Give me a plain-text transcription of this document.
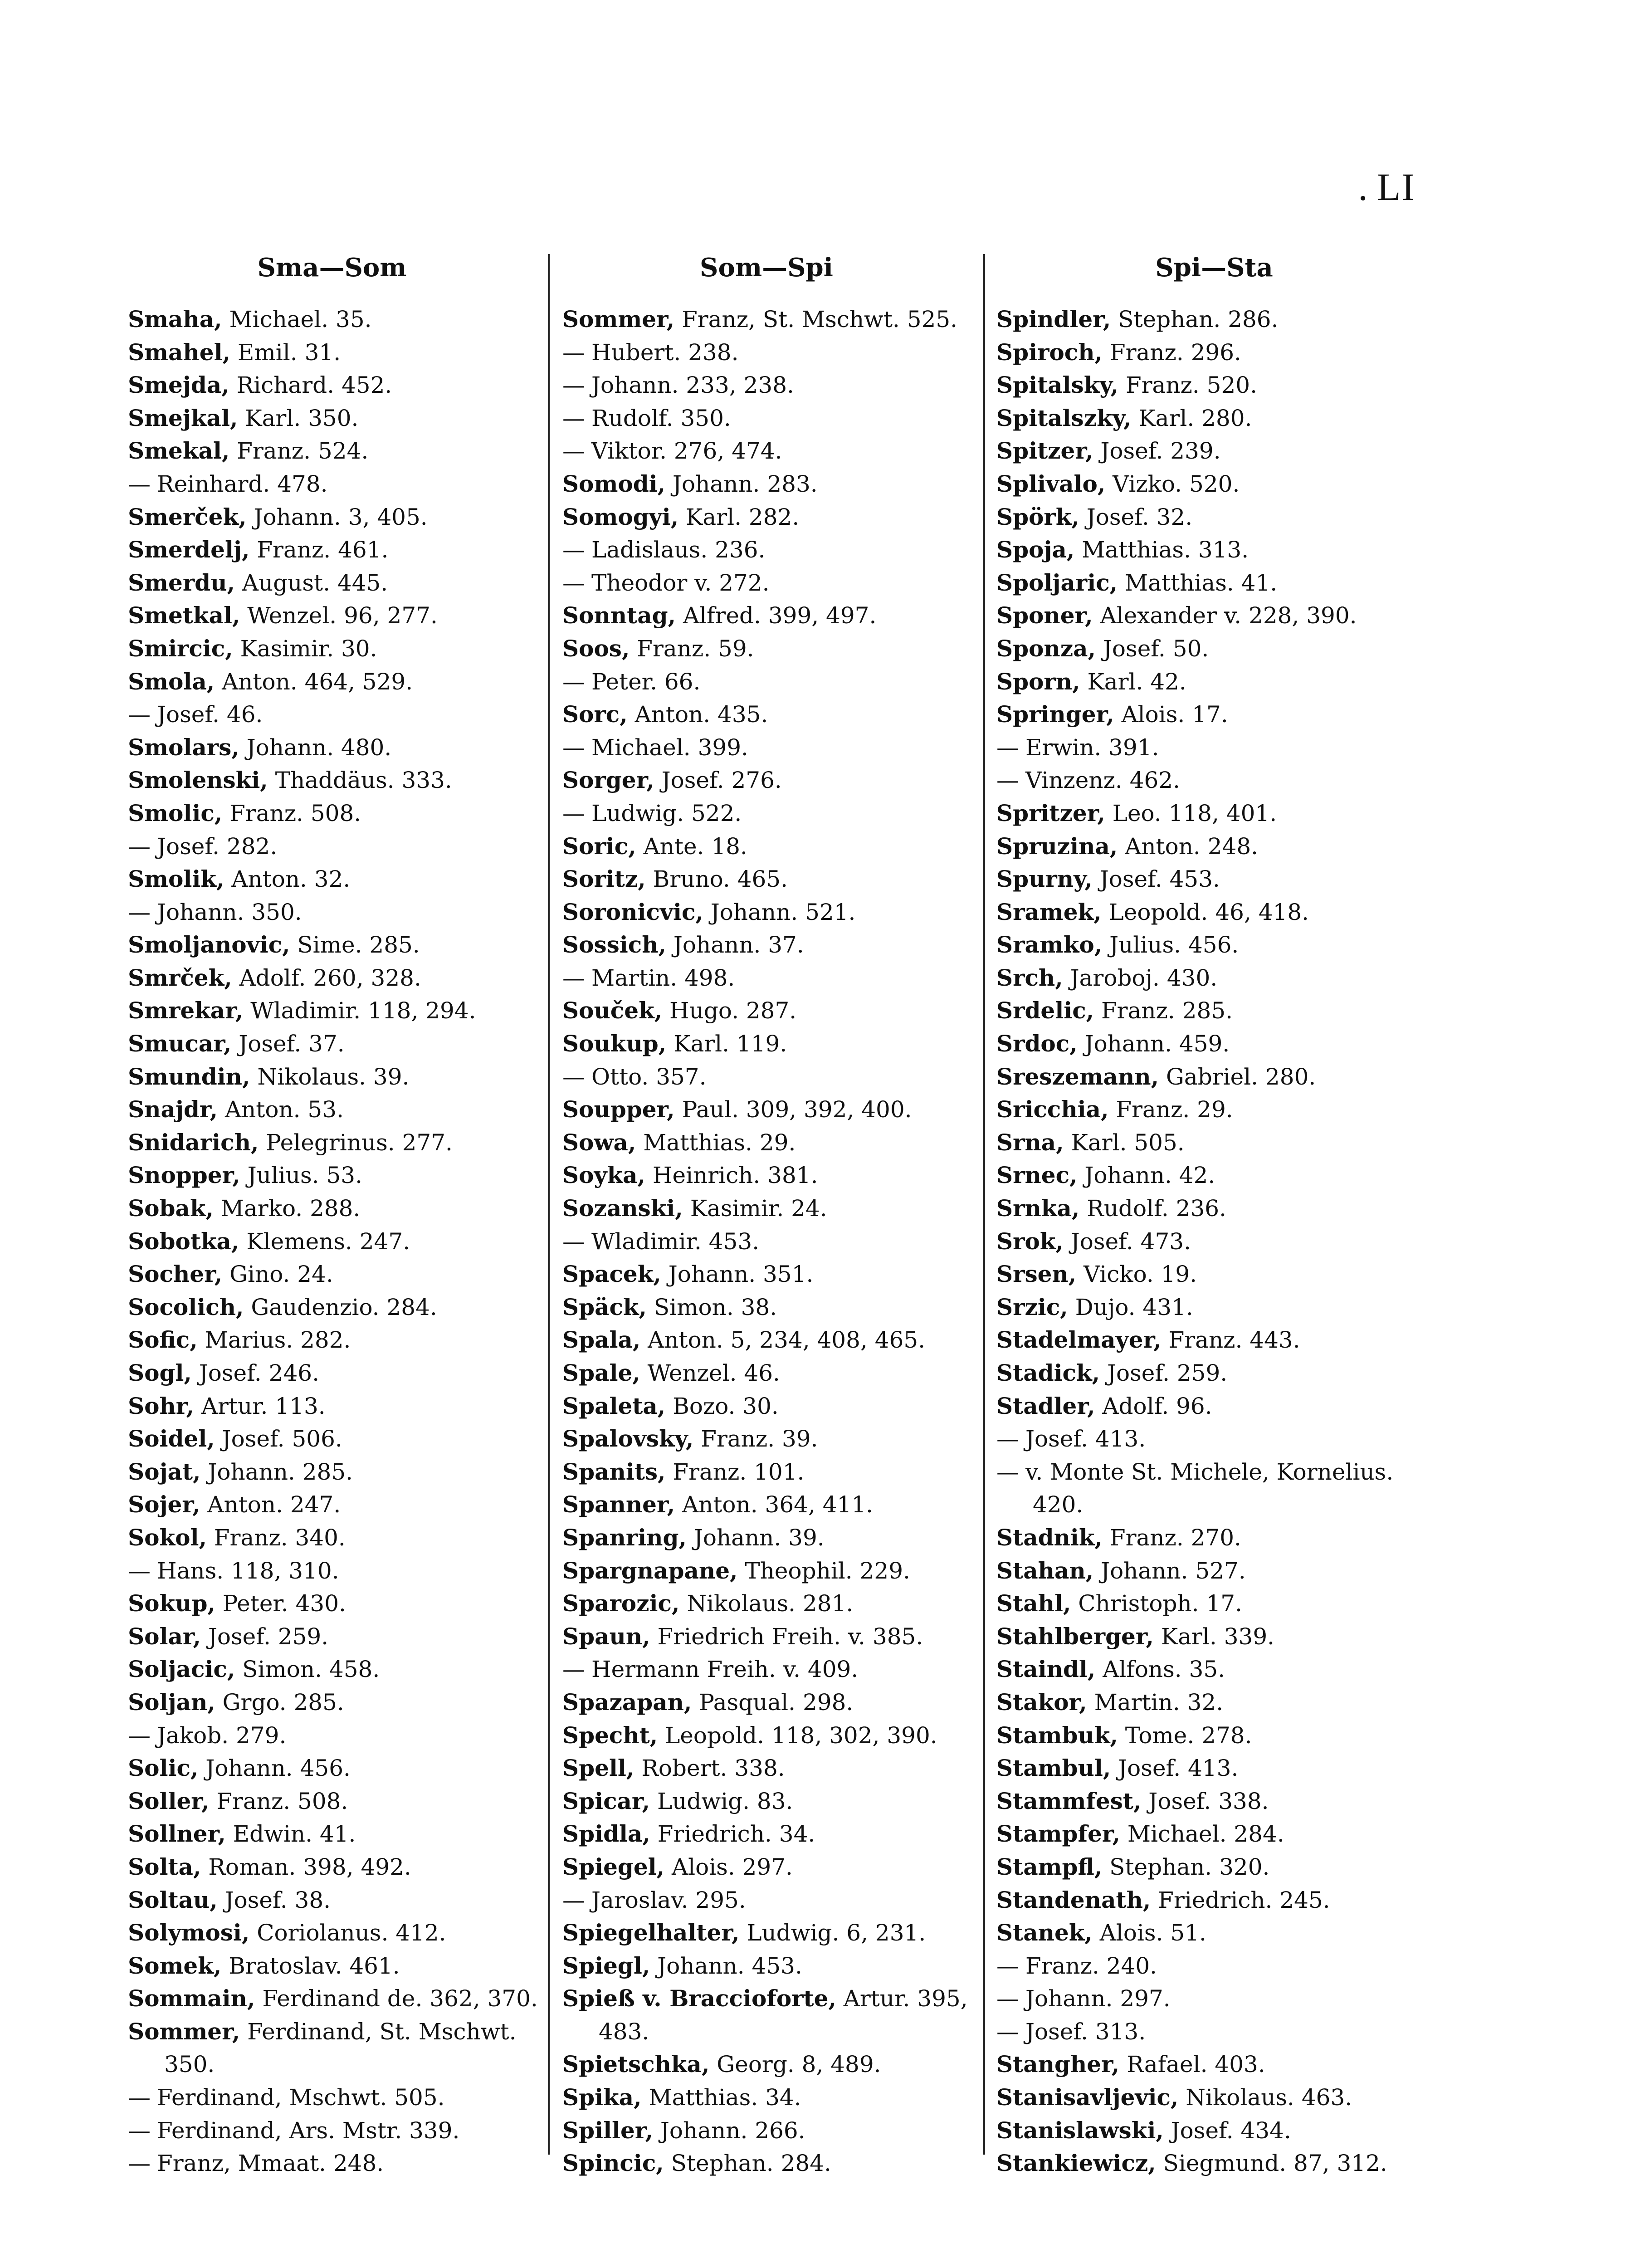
. LI
Sma—Som
Smaha, Michael. 35.
Smahel, Emil. 31.
Smejda, Richard. 452.
Smejkal, Karl. 350.
Smekal, Franz. 524.
— Reinhard. 478.
Smerček, Johann. 3, 405.
Smerdelj, Franz. 461.
Smerdu, August. 445.
Smetkal, Wenzel. 96, 277.
Smircic, Kasimir. 30.
Smola, Anton. 464, 529.
— Josef. 46.
Smolars, Johann. 480.
Smolenski, Thaddäus. 333.
Smolic, Franz. 508.
— Josef. 282.
Smolik, Anton. 32.
— Johann. 350.
Smoljanovic, Sime. 285.
Smrček, Adolf. 260, 328.
Smrekar, Wladimir. 118, 294.
Smucar, Josef. 37.
Smundin, Nikolaus. 39.
Snajdr, Anton. 53.
Snidarich, Pelegrinus. 277.
Snopper, Julius. 53.
Sobak, Marko. 288.
Sobotka, Klemens. 247.
Socher, Gino. 24.
Socolich, Gaudenzio. 284.
Sofic, Marius. 282.
Sogl, Josef. 246.
Sohr, Artur. 113.
Soidel, Josef. 506.
Sojat, Johann. 285.
Sojer, Anton. 247.
Sokol, Franz. 340.
— Hans. 118, 310.
Sokup, Peter. 430.
Solar, Josef. 259.
Soljacic, Simon. 458.
Soljan, Grgo. 285.
— Jakob. 279.
Solic, Johann. 456.
Soller, Franz. 508.
Sollner, Edwin. 41.
Solta, Roman. 398, 492.
Soltau, Josef. 38.
Solymosi, Coriolanus. 412.
Somek, Bratoslav. 461.
Sommain, Ferdinand de. 362, 370.
Sommer, Ferdinand, St. Mschwt.
350.
— Ferdinand, Mschwt. 505.
— Ferdinand, Ars. Mstr. 339.
— Franz, Mmaat. 248.
Som—Spi
Sommer, Franz, St. Mschwt. 525.
— Hubert. 238.
— Johann. 233, 238.
— Rudolf. 350.
— Viktor. 276, 474.
Somodi, Johann. 283.
Somogyi, Karl. 282.
— Ladislaus. 236.
— Theodor v. 272.
Sonntag, Alfred. 399, 497.
Soos, Franz. 59.
— Peter. 66.
Sorc, Anton. 435.
— Michael. 399.
Sorger, Josef. 276.
— Ludwig. 522.
Soric, Ante. 18.
Soritz, Bruno. 465.
Soronicvic, Johann. 521.
Sossich, Johann. 37.
— Martin. 498.
Souček, Hugo. 287.
Soukup, Karl. 119.
— Otto. 357.
Soupper, Paul. 309, 392, 400.
Sowa, Matthias. 29.
Soyka, Heinrich. 381.
Sozanski, Kasimir. 24.
— Wladimir. 453.
Spacek, Johann. 351.
Späck, Simon. 38.
Spala, Anton. 5, 234, 408, 465.
Spale, Wenzel. 46.
Spaleta, Bozo. 30.
Spalovsky, Franz. 39.
Spanits, Franz. 101.
Spanner, Anton. 364, 411.
Spanring, Johann. 39.
Spargnapane, Theophil. 229.
Sparozic, Nikolaus. 281.
Spaun, Friedrich Freih. v. 385.
— Hermann Freih. v. 409.
Spazapan, Pasqual. 298.
Specht, Leopold. 118, 302, 390.
Spell, Robert. 338.
Spicar, Ludwig. 83.
Spidla, Friedrich. 34.
Spiegel, Alois. 297.
— Jaroslav. 295.
Spiegelhalter, Ludwig. 6, 231.
Spiegl, Johann. 453.
Spieß v. Braccioforte, Artur. 395,
483.
Spietschka, Georg. 8, 489.
Spika, Matthias. 34.
Spiller, Johann. 266.
Spincic, Stephan. 284.
Spi—Sta
Spindler, Stephan. 286.
Spiroch, Franz. 296.
Spitalsky, Franz. 520.
Spitalszky, Karl. 280.
Spitzer, Josef. 239.
Splivalo, Vizko. 520.
Spörk, Josef. 32.
Spoja, Matthias. 313.
Spoljaric, Matthias. 41.
Sponer, Alexander v. 228, 390.
Sponza, Josef. 50.
Sporn, Karl. 42.
Springer, Alois. 17.
— Erwin. 391.
— Vinzenz. 462.
Spritzer, Leo. 118, 401.
Spruzina, Anton. 248.
Spurny, Josef. 453.
Sramek, Leopold. 46, 418.
Sramko, Julius. 456.
Srch, Jaroboj. 430.
Srdelic, Franz. 285.
Srdoc, Johann. 459.
Sreszemann, Gabriel. 280.
Sricchia, Franz. 29.
Srna, Karl. 505.
Srnec, Johann. 42.
Srnka, Rudolf. 236.
Srok, Josef. 473.
Srsen, Vicko. 19.
Srzic, Dujo. 431.
Stadelmayer, Franz. 443.
Stadick, Josef. 259.
Stadler, Adolf. 96.
— Josef. 413.
— v. Monte St. Michele, Kornelius.
420.
Stadnik, Franz. 270.
Stahan, Johann. 527.
Stahl, Christoph. 17.
Stahlberger, Karl. 339.
Staindl, Alfons. 35.
Stakor, Martin. 32.
Stambuk, Tome. 278.
Stambul, Josef. 413.
Stammfest, Josef. 338.
Stampfer, Michael. 284.
Stampfl, Stephan. 320.
Standenath, Friedrich. 245.
Stanek, Alois. 51.
— Franz. 240.
— Johann. 297.
— Josef. 313.
Stangher, Rafael. 403.
Stanisavljevic, Nikolaus. 463.
Stanislawski, Josef. 434.
Stankiewicz, Siegmund. 87, 312.
